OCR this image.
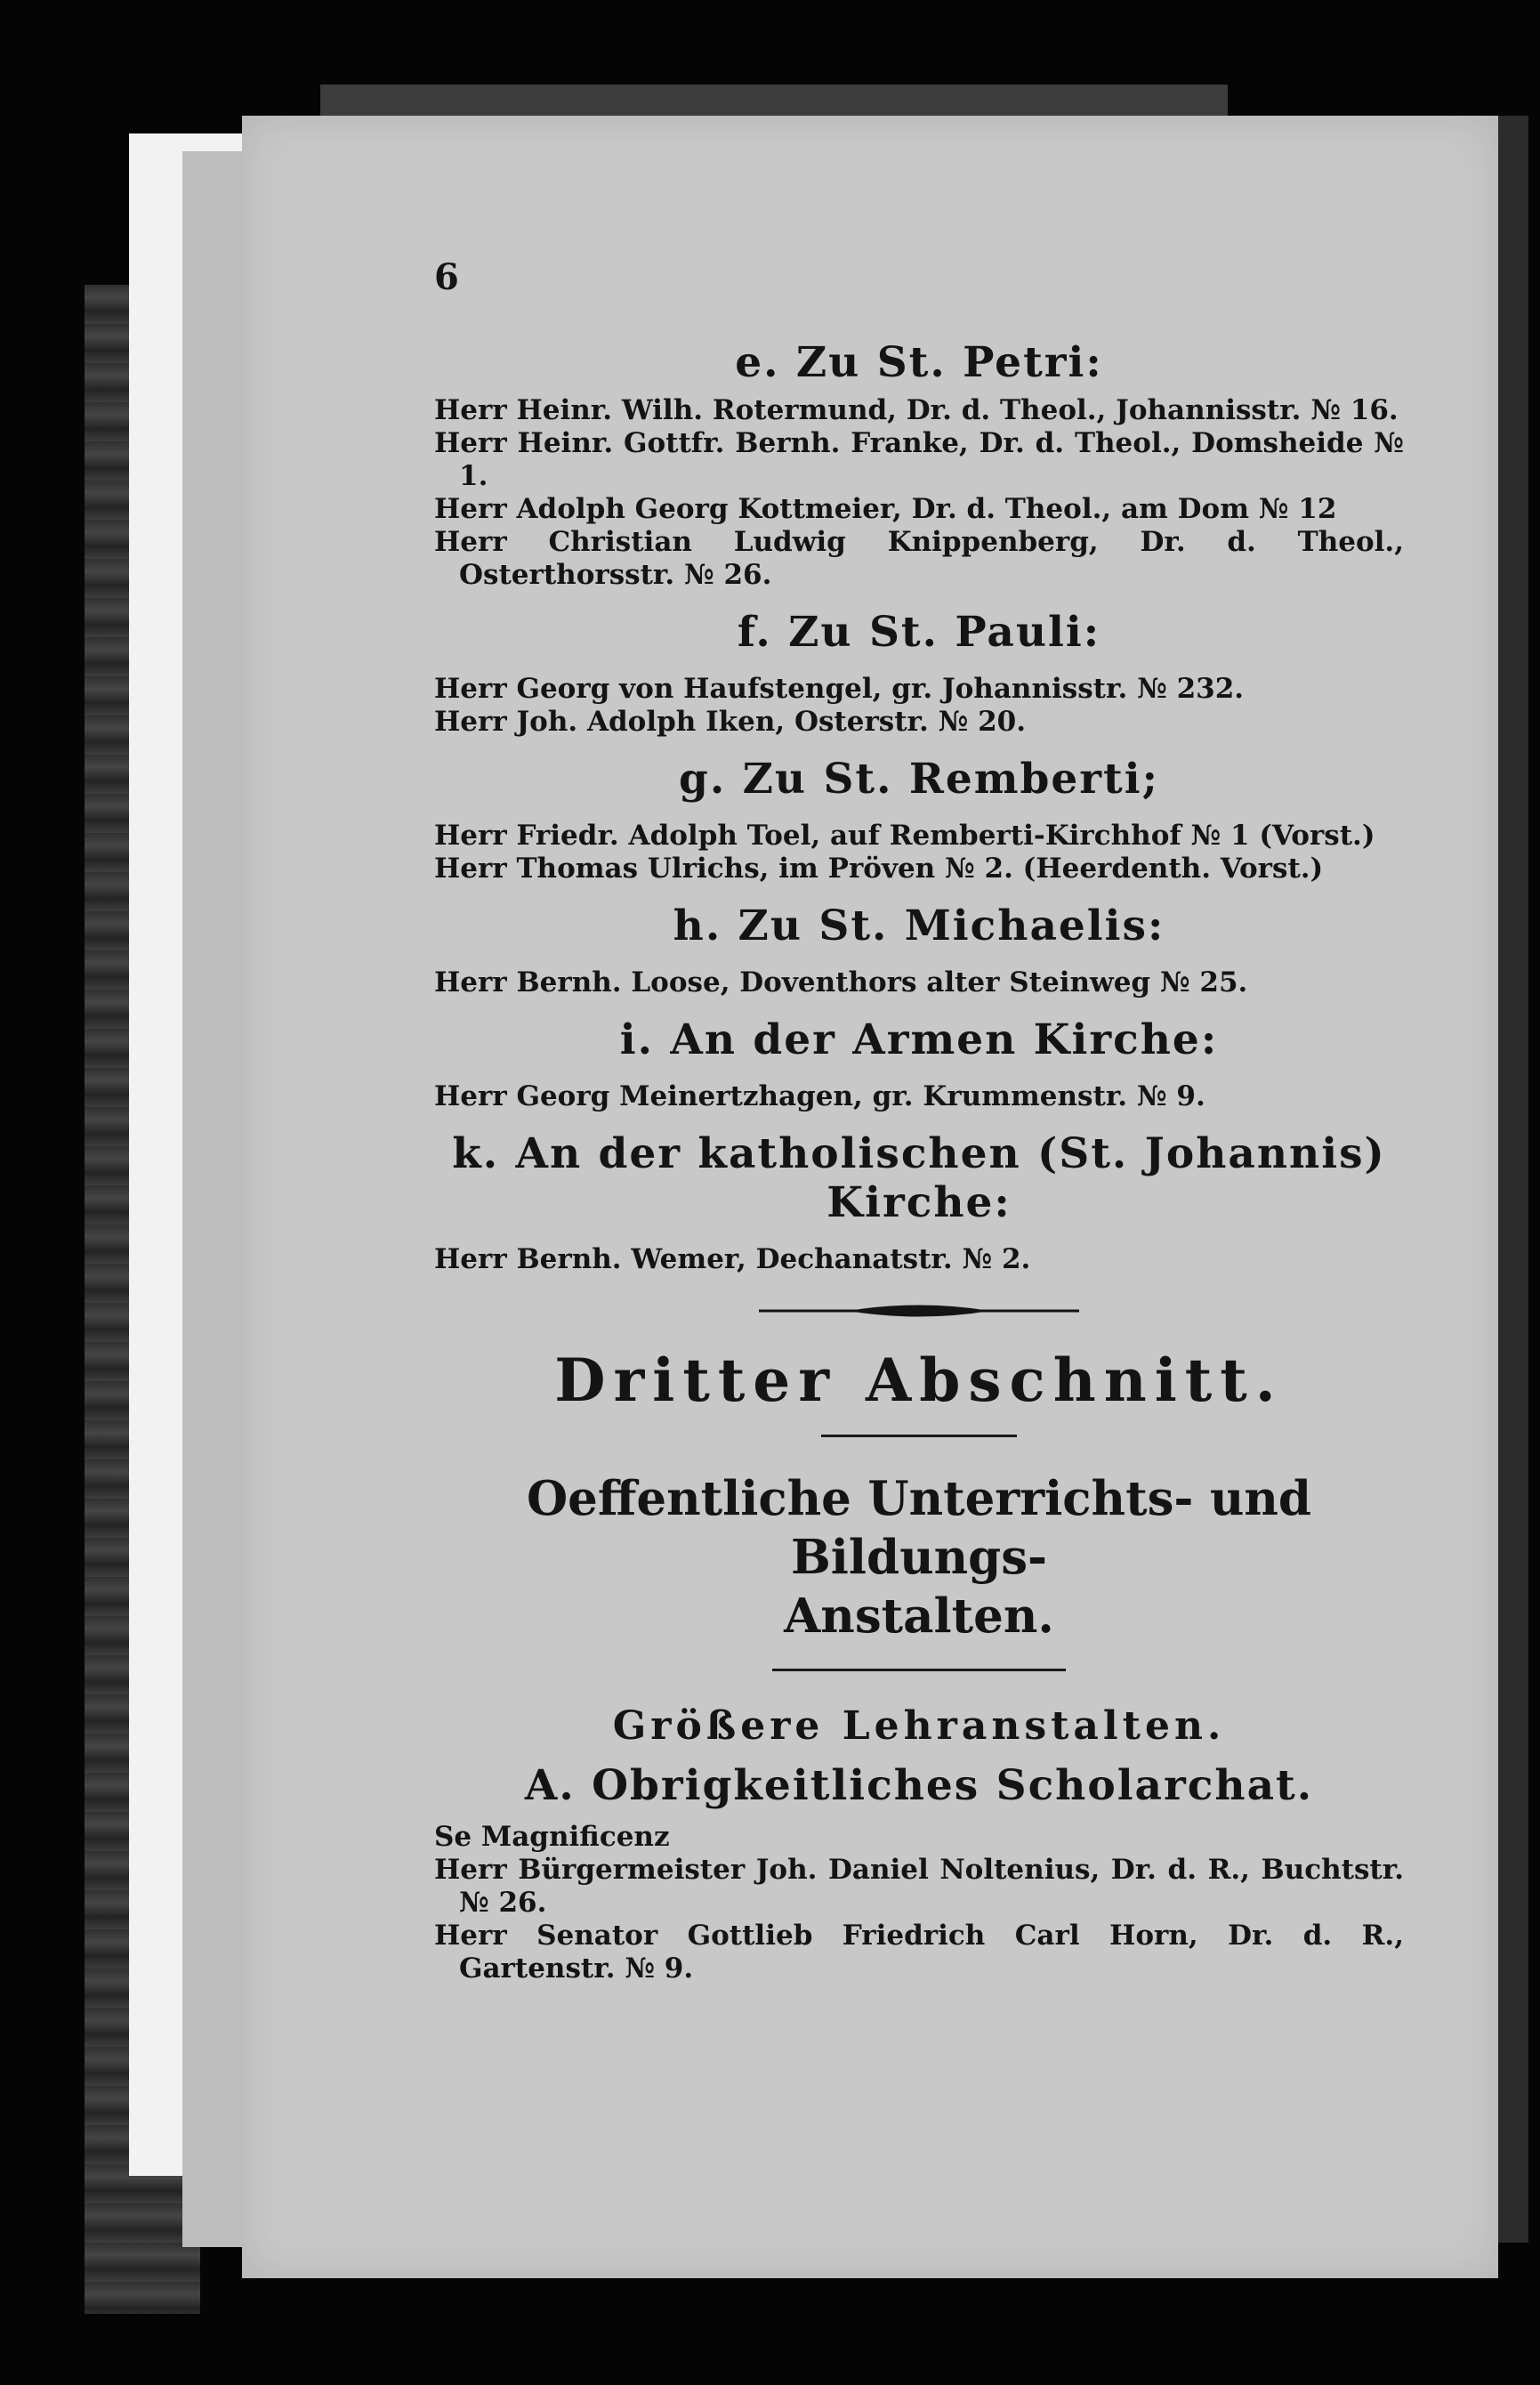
6

e. Zu St. Petri:

Herr Heinr. Wilh. Rotermund, Dr. d. Theol., Johannisstr. № 16.

Herr Heinr. Gottfr. Bernh. Franke, Dr. d. Theol., Domsheide № 1.

Herr Adolph Georg Kottmeier, Dr. d. Theol., am Dom № 12

Herr Christian Ludwig Knippenberg, Dr. d. Theol., Osterthorsstr. № 26.

f. Zu St. Pauli:

Herr Georg von Haufstengel, gr. Johannisstr. № 232.

Herr Joh. Adolph Iken, Osterstr. № 20.

g. Zu St. Remberti;

Herr Friedr. Adolph Toel, auf Remberti-Kirchhof № 1 (Vorst.)

Herr Thomas Ulrichs, im Pröven № 2. (Heerdenth. Vorst.)

h. Zu St. Michaelis:

Herr Bernh. Loose, Doventhors alter Steinweg № 25.

i. An der Armen Kirche:

Herr Georg Meinertzhagen, gr. Krummenstr. № 9.

k. An der katholischen (St. Johannis) Kirche:

Herr Bernh. Wemer, Dechanatstr. № 2.

Dritter Abschnitt.

Oeffentliche Unterrichts- und Bildungs-
Anstalten.

Größere Lehranstalten.

A. Obrigkeitliches Scholarchat.

Se Magnificenz

Herr Bürgermeister Joh. Daniel Noltenius, Dr. d. R., Buchtstr. № 26.

Herr Senator Gottlieb Friedrich Carl Horn, Dr. d. R., Gartenstr. № 9.
